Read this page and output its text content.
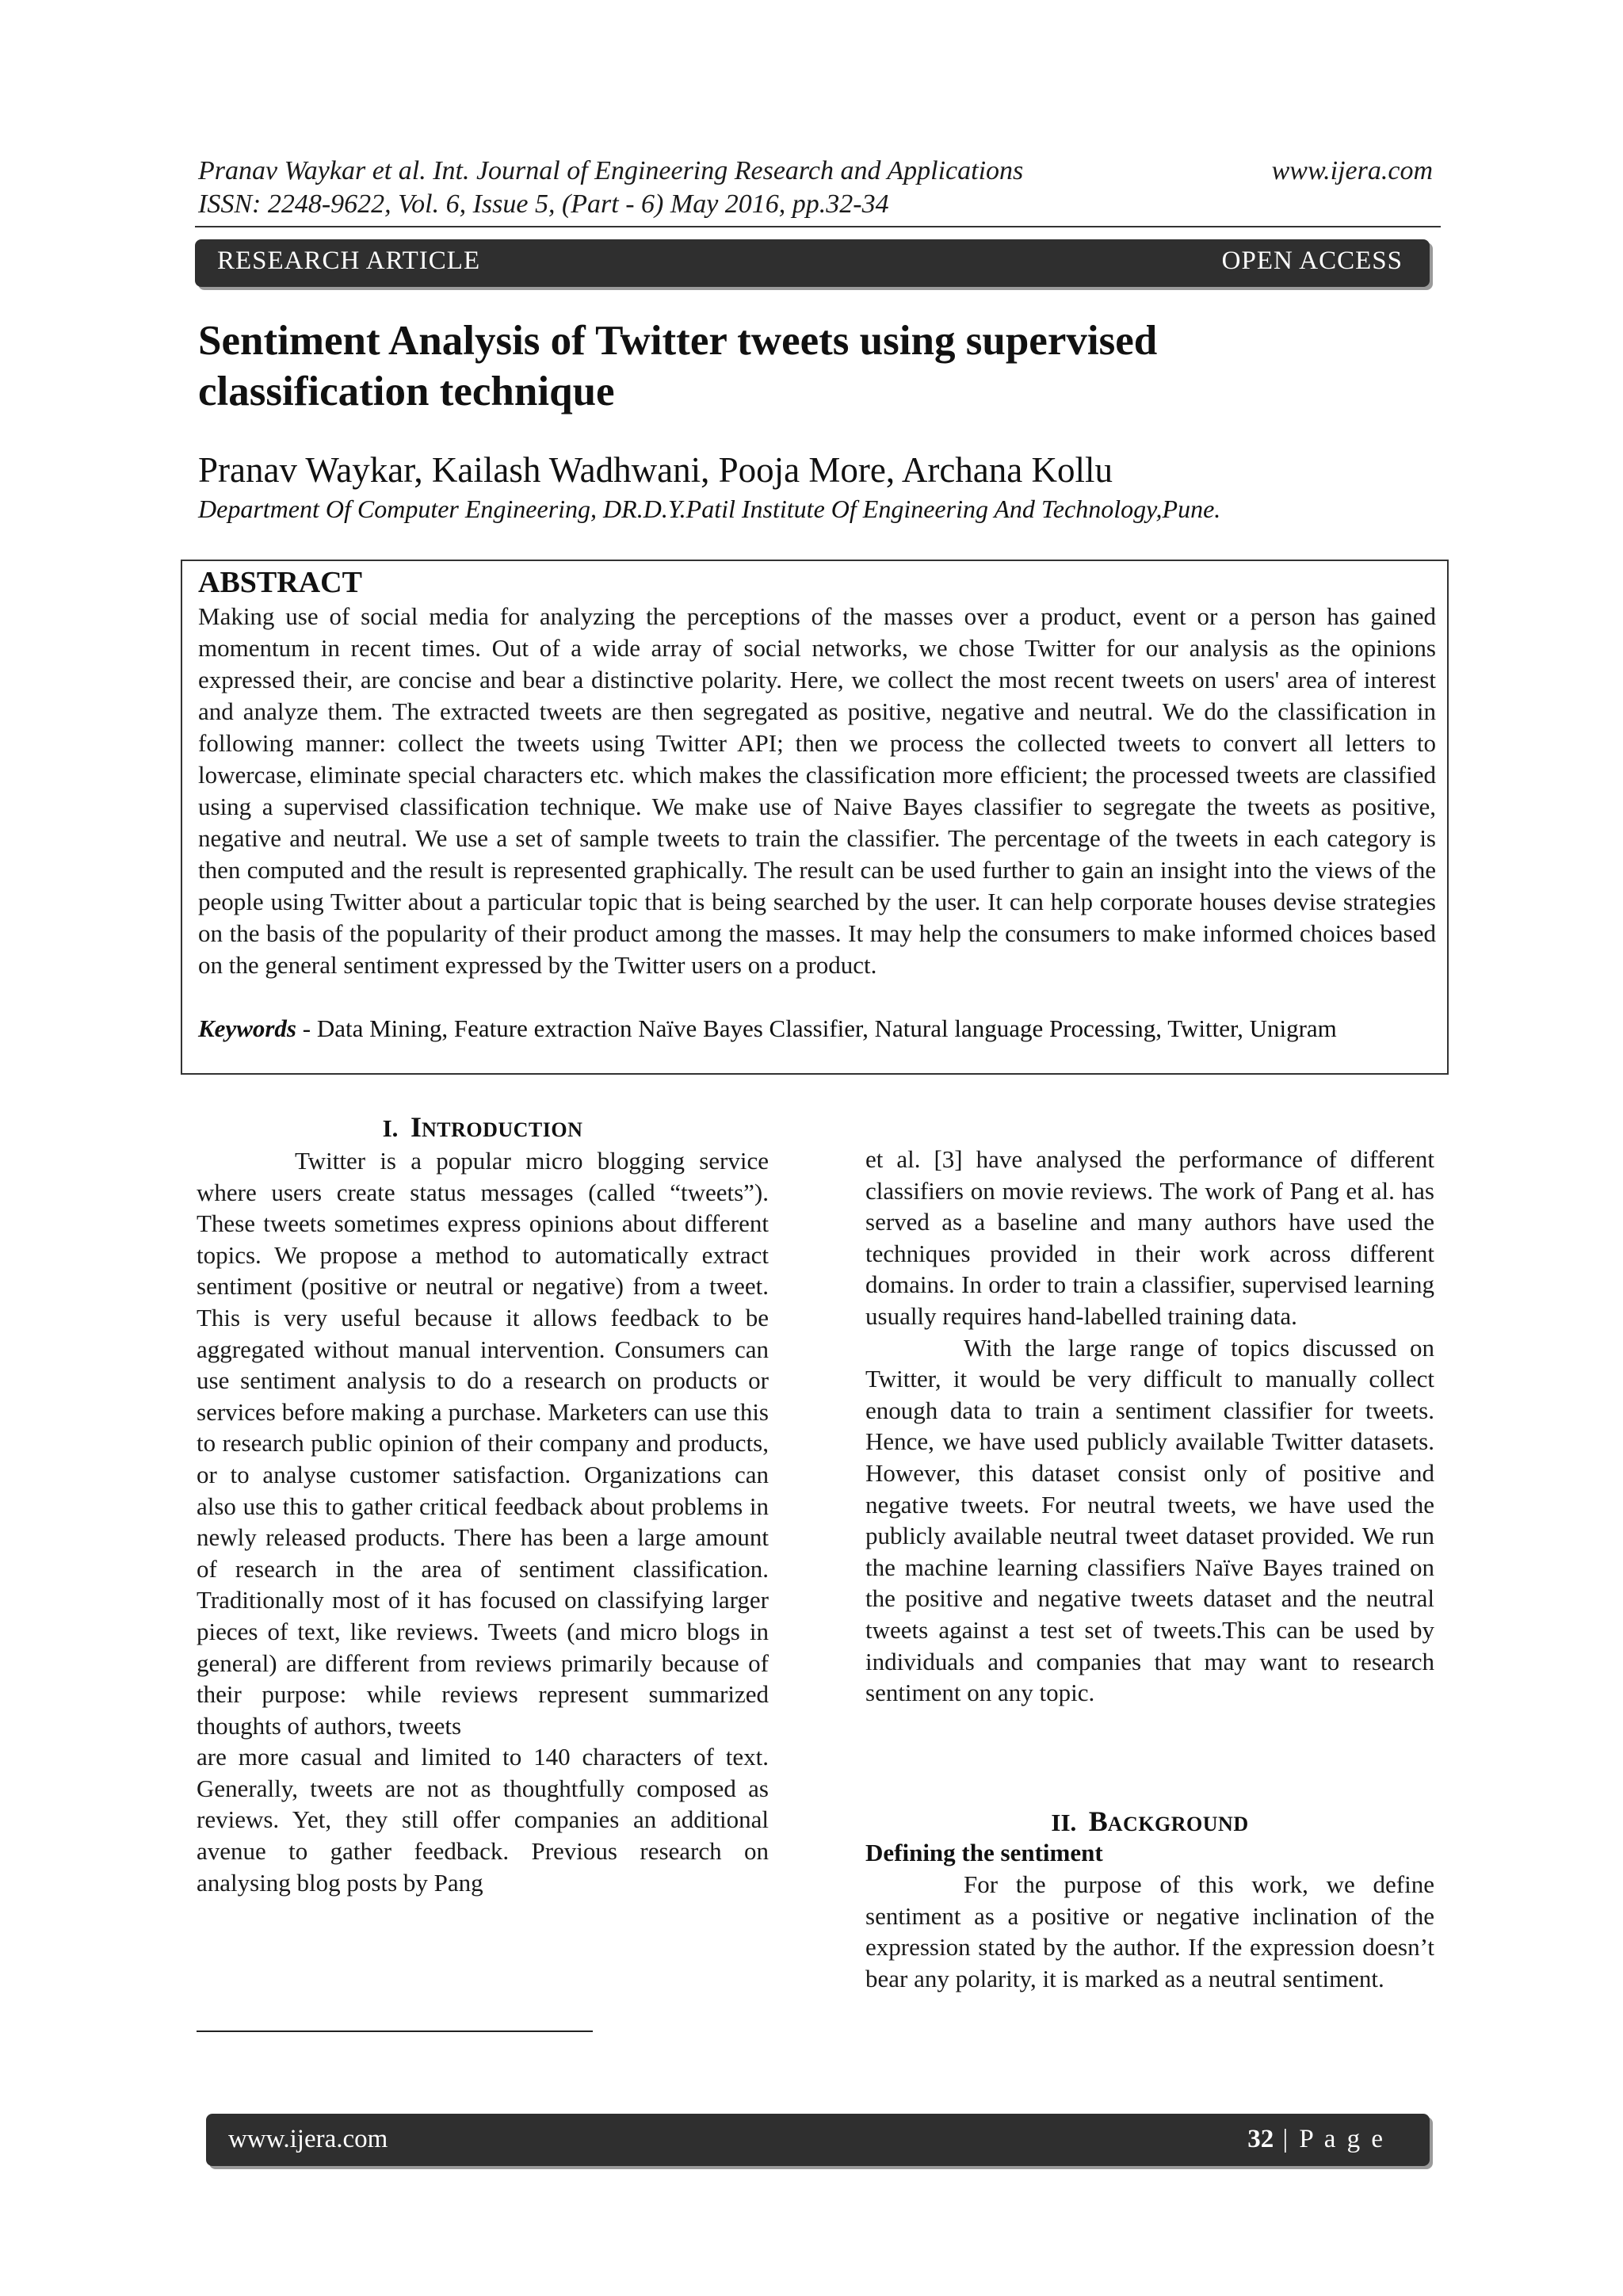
Pranav Waykar et al. Int. Journal of Engineering Research and Applications
ISSN: 2248-9622, Vol. 6, Issue 5, (Part - 6) May 2016, pp.32-34
www.ijera.com
RESEARCH ARTICLE	OPEN ACCESS
Sentiment Analysis of Twitter tweets using supervised classification technique
Pranav Waykar, Kailash Wadhwani, Pooja More, Archana Kollu
Department Of Computer Engineering, DR.D.Y.Patil Institute Of Engineering And Technology,Pune.
ABSTRACT
Making use of social media for analyzing the perceptions of the masses over a product, event or a person has gained momentum in recent times. Out of a wide array of social networks, we chose Twitter for our analysis as the opinions expressed their, are concise and bear a distinctive polarity. Here, we collect the most recent tweets on users' area of interest and analyze them. The extracted tweets are then segregated as positive, negative and neutral. We do the classification in following manner: collect the tweets using Twitter API; then we process the collected tweets to convert all letters to lowercase, eliminate special characters etc. which makes the classification more efficient; the processed tweets are classified using a supervised classification technique. We make use of Naive Bayes classifier to segregate the tweets as positive, negative and neutral. We use a set of sample tweets to train the classifier. The percentage of the tweets in each category is then computed and the result is represented graphically. The result can be used further to gain an insight into the views of the people using Twitter about a particular topic that is being searched by the user. It can help corporate houses devise strategies on the basis of the popularity of their product among the masses. It may help the consumers to make informed choices based on the general sentiment expressed by the Twitter users on a product.
Keywords - Data Mining, Feature extraction Naïve Bayes Classifier, Natural language Processing, Twitter, Unigram
I. INTRODUCTION

Twitter is a popular micro blogging service where users create status messages (called “tweets”). These tweets sometimes express opinions about different topics. We propose a method to automatically extract sentiment (positive or neutral or negative) from a tweet. This is very useful because it allows feedback to be aggregated without manual intervention. Consumers can use sentiment analysis to do a research on products or services before making a purchase. Marketers can use this to research public opinion of their company and products, or to analyse customer satisfaction. Organizations can also use this to gather critical feedback about problems in newly released products. There has been a large amount of research in the area of sentiment classification. Traditionally most of it has focused on classifying larger pieces of text, like reviews. Tweets (and micro blogs in general) are different from reviews primarily because of their purpose: while reviews represent summarized thoughts of authors, tweets

are more casual and limited to 140 characters of text. Generally, tweets are not as thoughtfully composed as reviews. Yet, they still offer companies an additional avenue to gather feedback. Previous research on analysing blog posts by Pang

et al. [3] have analysed the performance of different classifiers on movie reviews. The work of Pang et al. has served as a baseline and many authors have used the techniques provided in their work across different domains. In order to train a classifier, supervised learning usually requires hand-labelled training data.

With the large range of topics discussed on Twitter, it would be very difficult to manually collect enough data to train a sentiment classifier for tweets. Hence, we have used publicly available Twitter datasets. However, this dataset consist only of positive and negative tweets. For neutral tweets, we have used the publicly available neutral tweet dataset provided. We run the machine learning classifiers Naïve Bayes trained on the positive and negative tweets dataset and the neutral tweets against a test set of tweets.This can be used by individuals and companies that may want to research sentiment on any topic.

II. BACKGROUND
Defining the sentiment

For the purpose of this work, we define sentiment as a positive or negative inclination of the expression stated by the author. If the expression doesn’t bear any polarity, it is marked as a neutral sentiment.

www.ijera.com	32 | P a g e
